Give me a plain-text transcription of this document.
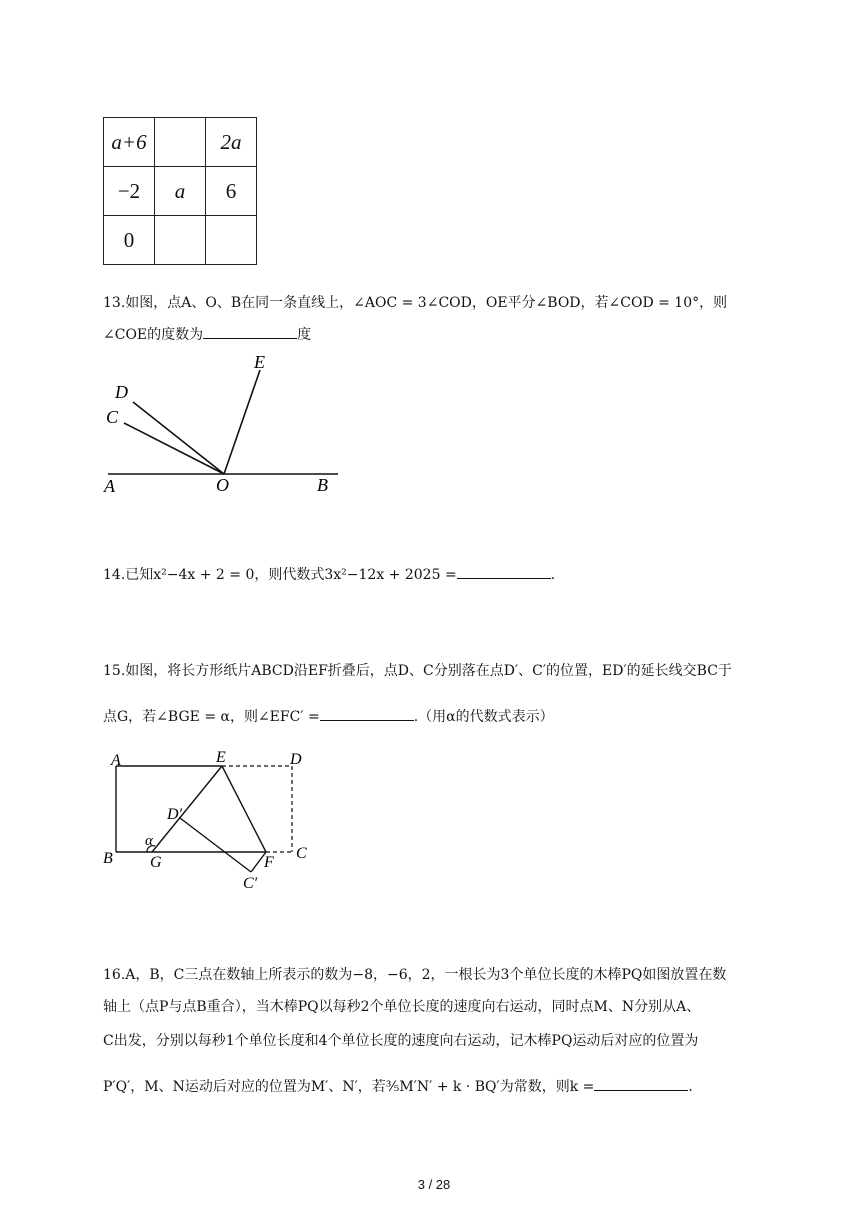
a+6		2a
−2	a	6
0		
13.如图，点A、O、B在同一条直线上，∠AOC = 3∠COD，OE平分∠BOD，若∠COD = 10°，则
∠COE的度数为	度
D
C
E
A	O	B
14.已知x²−4x + 2 = 0，则代数式3x²−12x + 2025 =	.
15.如图，将长方形纸片ABCD沿EF折叠后，点D、C分别落在点D′、C′的位置，ED′的延长线交BC于
点G，若∠BGE = α，则∠EFC′ =	.（用α的代数式表示）
A	E	D
D′
α
B G	F
C
C′
16.A，B，C三点在数轴上所表示的数为−8，−6，2，一根长为3个单位长度的木棒PQ如图放置在数
轴上（点P与点B重合），当木棒PQ以每秒2个单位长度的速度向右运动，同时点M、N分别从A、
C出发，分别以每秒1个单位长度和4个单位长度的速度向右运动，记木棒PQ运动后对应的位置为
P′Q′，M、N运动后对应的位置为M′、N′，若³⁄₅M′N′ + k · BQ′为常数，则k =	.
3 / 28
